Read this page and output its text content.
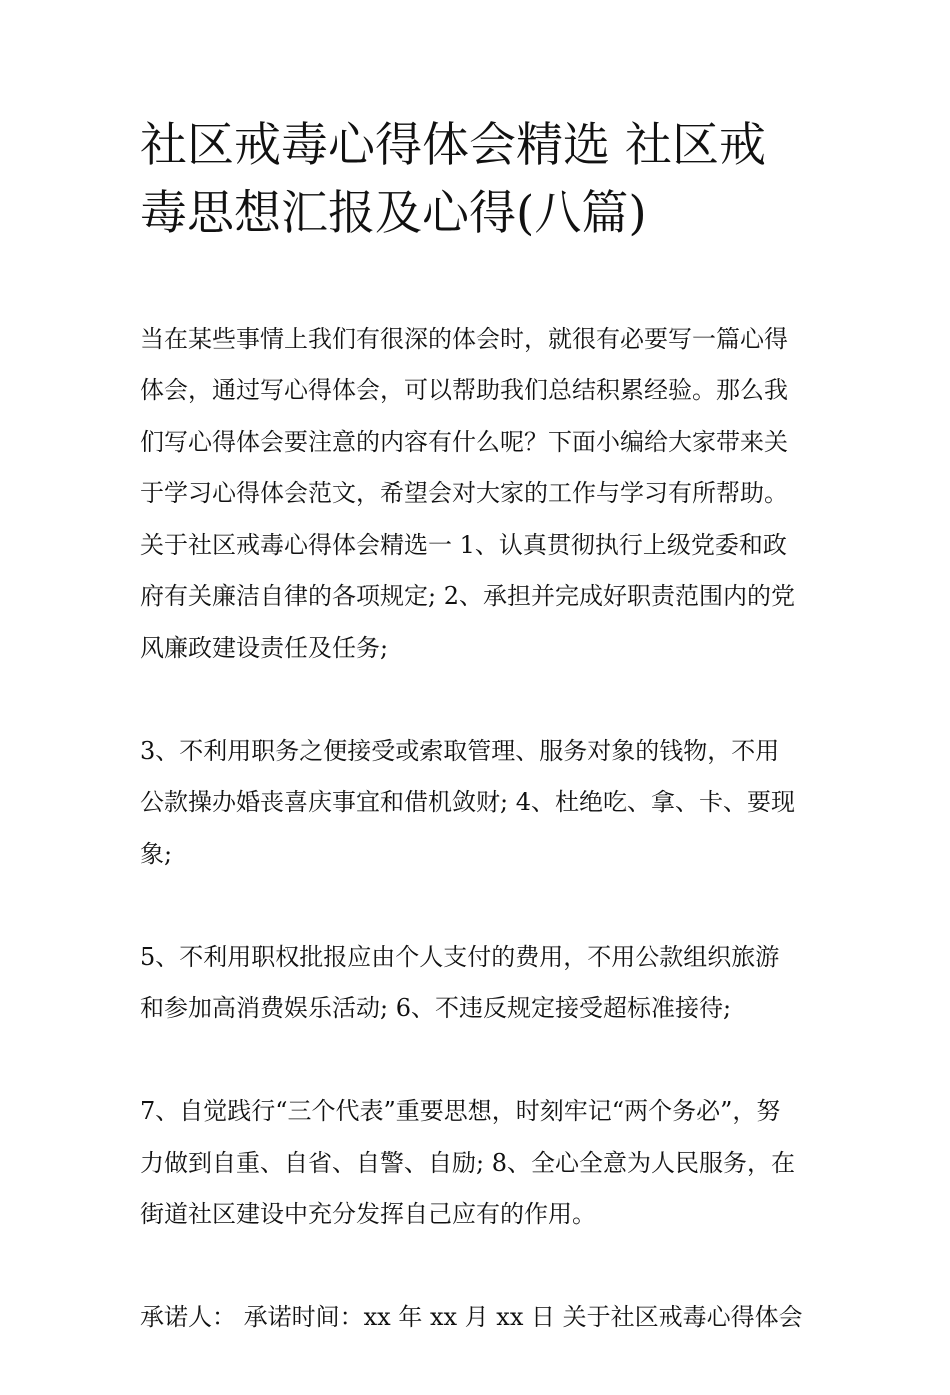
社区戒毒心得体会精选 社区戒
毒思想汇报及心得(八篇)

当在某些事情上我们有很深的体会时，就很有必要写一篇心得
体会，通过写心得体会，可以帮助我们总结积累经验。那么我
们写心得体会要注意的内容有什么呢？下面小编给大家带来关
于学习心得体会范文，希望会对大家的工作与学习有所帮助。
关于社区戒毒心得体会精选一 1、认真贯彻执行上级党委和政
府有关廉洁自律的各项规定; 2、承担并完成好职责范围内的党
风廉政建设责任及任务;

3、不利用职务之便接受或索取管理、服务对象的钱物，不用
公款操办婚丧喜庆事宜和借机敛财; 4、杜绝吃、拿、卡、要现
象;

5、不利用职权批报应由个人支付的费用，不用公款组织旅游
和参加高消费娱乐活动; 6、不违反规定接受超标准接待;

7、自觉践行“三个代表”重要思想，时刻牢记“两个务必”，努
力做到自重、自省、自警、自励; 8、全心全意为人民服务，在
街道社区建设中充分发挥自己应有的作用。

承诺人： 承诺时间：xx 年 xx 月 xx 日 关于社区戒毒心得体会
